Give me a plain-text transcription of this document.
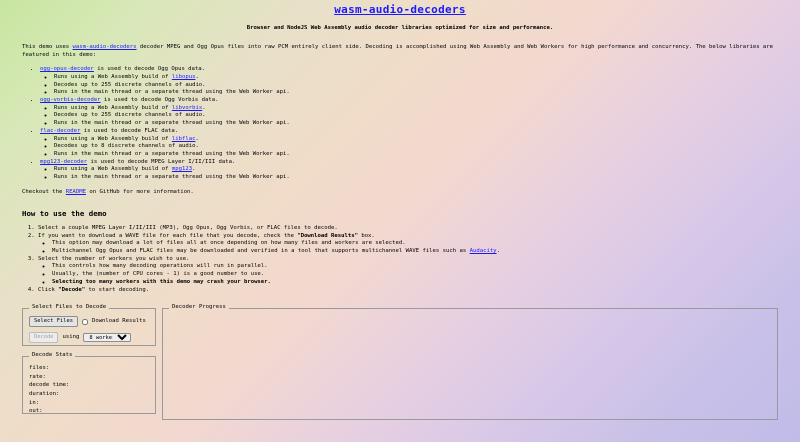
wasm-audio-decoders
Browser and NodeJS Web Assembly audio decoder libraries optimized for size and performance.
This demo uses wasm-audio-decoders decoder MPEG and Ogg Opus files into raw PCM entirely client side. Decoding is accomplished using Web Assembly and Web Workers for high performance and concurrency. The below libraries are featured in this demo:
• ogg-opus-decoder is used to decode Ogg Opus data.
◦ Runs using a Web Assembly build of libopus.
◦ Decodes up to 255 discrete channels of audio.
◦ Runs in the main thread or a separate thread using the Web Worker api.
• ogg-vorbis-decoder is used to decode Ogg Vorbis data.
◦ Runs using a Web Assembly build of libvorbis.
◦ Decodes up to 255 discrete channels of audio.
◦ Runs in the main thread or a separate thread using the Web Worker api.
• flac-decoder is used to decode FLAC data.
◦ Runs using a Web Assembly build of libflac.
◦ Decodes up to 8 discrete channels of audio.
◦ Runs in the main thread or a separate thread using the Web Worker api.
• mpg123-decoder is used to decode MPEG Layer I/II/III data.
◦ Runs using a Web Assembly build of mpg123.
◦ Runs in the main thread or a separate thread using the Web Worker api.
Checkout the README on GitHub for more information.
How to use the demo
1. Select a couple MPEG Layer I/II/III (MP3), Ogg Opus, Ogg Vorbis, or FLAC files to decode.
2. If you want to download a WAVE file for each file that you decode, check the "Download Results" box.
◦ This option may download a lot of files all at once depending on how many files and workers are selected.
◦ Multichannel Ogg Opus and FLAC files may be downloaded and verified in a tool that supports multichannel WAVE files such as Audacity.
3. Select the number of workers you wish to use.
◦ This controls how many decoding operations will run in parallel.
◦ Usually, the (number of CPU cores - 1) is a good number to use.
◦ Selecting too many workers with this demo may crash your browser.
4. Click "Decode" to start decoding.
Select Files to Decode
Select Files	Download Results
Decode	using
8 workers
Decode Stats
files:
rate:
decode time:
duration:
in:
out:
Decoder Progress
